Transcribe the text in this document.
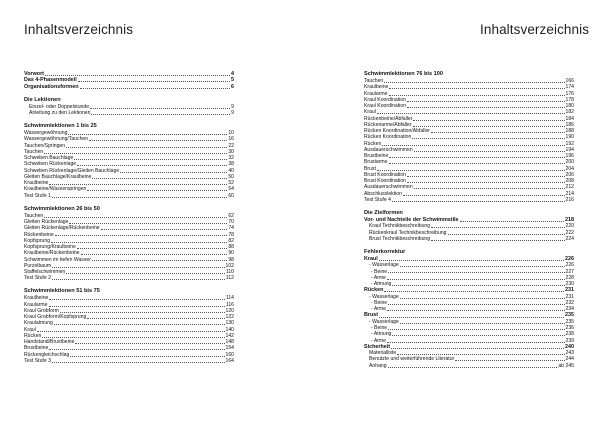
Inhaltsverzeichnis	Inhaltsverzeichnis
Vorwort	4
Das 4-Phasenmodell	5
Organisationsformen	6
Die Lektionen
Einzel- oder Doppelstunde	9
Anleitung zu den Lektionen	9
Schwimmlektionen 1 bis 25
Wassergewöhnung	10
Wassergewöhnung/Tauchen	16
Tauchen/Springen	22
Tauchen	30
Schweben Bauchlage	32
Schweben Rückenlage	38
Schweben Rückenlage/Gleiten Bauchlage	40
Gleiten Bauchlage/Kraulbeine	50
Kraulbeine	52
Kraulbeine/Wasserspringen	54
Test Stufe 1	60
Schwimmlektionen 26 bis 50
Tauchen	62
Gleiten Rückenlage	70
Gleiten Rückenlage/Rückenbeine	74
Rückenbeine	78
Kopfsprung	82
Kopfsprung/Kraulbeine	88
Kraulbeine/Rückenbeine	90
Schwimmen im tiefen Wasser	98
Purzelbaum	102
Staffelschwimmen	110
Test Stufe 2	112
Schwimmlektionen 51 bis 75
Kraulbeine	114
Kraularme	116
Kraul Grobform	120
Kraul Grobform/Kopfsprung	122
Kraulatmung	130
Kraul	140
Rücken	142
Handstand/Brustbeine	148
Brustbeine	154
Rückengleichschlag	160
Test Stufe 3	164
Schwimmlektionen 76 bis 100
Tauchen	166
Kraulbeine	174
Kraularme	176
Kraul Koordination	178
Kraul Koordination	180
Kraul	182
Rückenbeine/Abfaller	184
Rückenarme/Abfaller	186
Rücken Koordination/Abfaller	188
Rücken Koordination	190
Rücken	192
Ausdauerschwimmen	194
Brustbeine	196
Brustarme	200
Brust	204
Brust Koordination	206
Brust Koordination	208
Ausdauerschwimmen	212
Abschlusslektion	214
Test Stufe 4	216
Die Zielformen
Vor- und Nachteile der Schwimmstile	218
Kraul Technikbeschreibung	220
Rückenkraul Technikbeschreibung	222
Brust Technikbeschreibung	224
Fehlerkorrektur
Kraul	226
- Wasserlage	226
- Beine	227
- Arme	228
- Atmung	230
Rücken	231
- Wasserlage	231
- Beine	232
- Arme	234
Brust	235
- Wasserlage	235
- Beine	236
- Atmung	238
- Arme	239
Sicherheit	240
Materialliste	243
Benutzte und weiterführende Literatur	244
Anhang	ab 245
